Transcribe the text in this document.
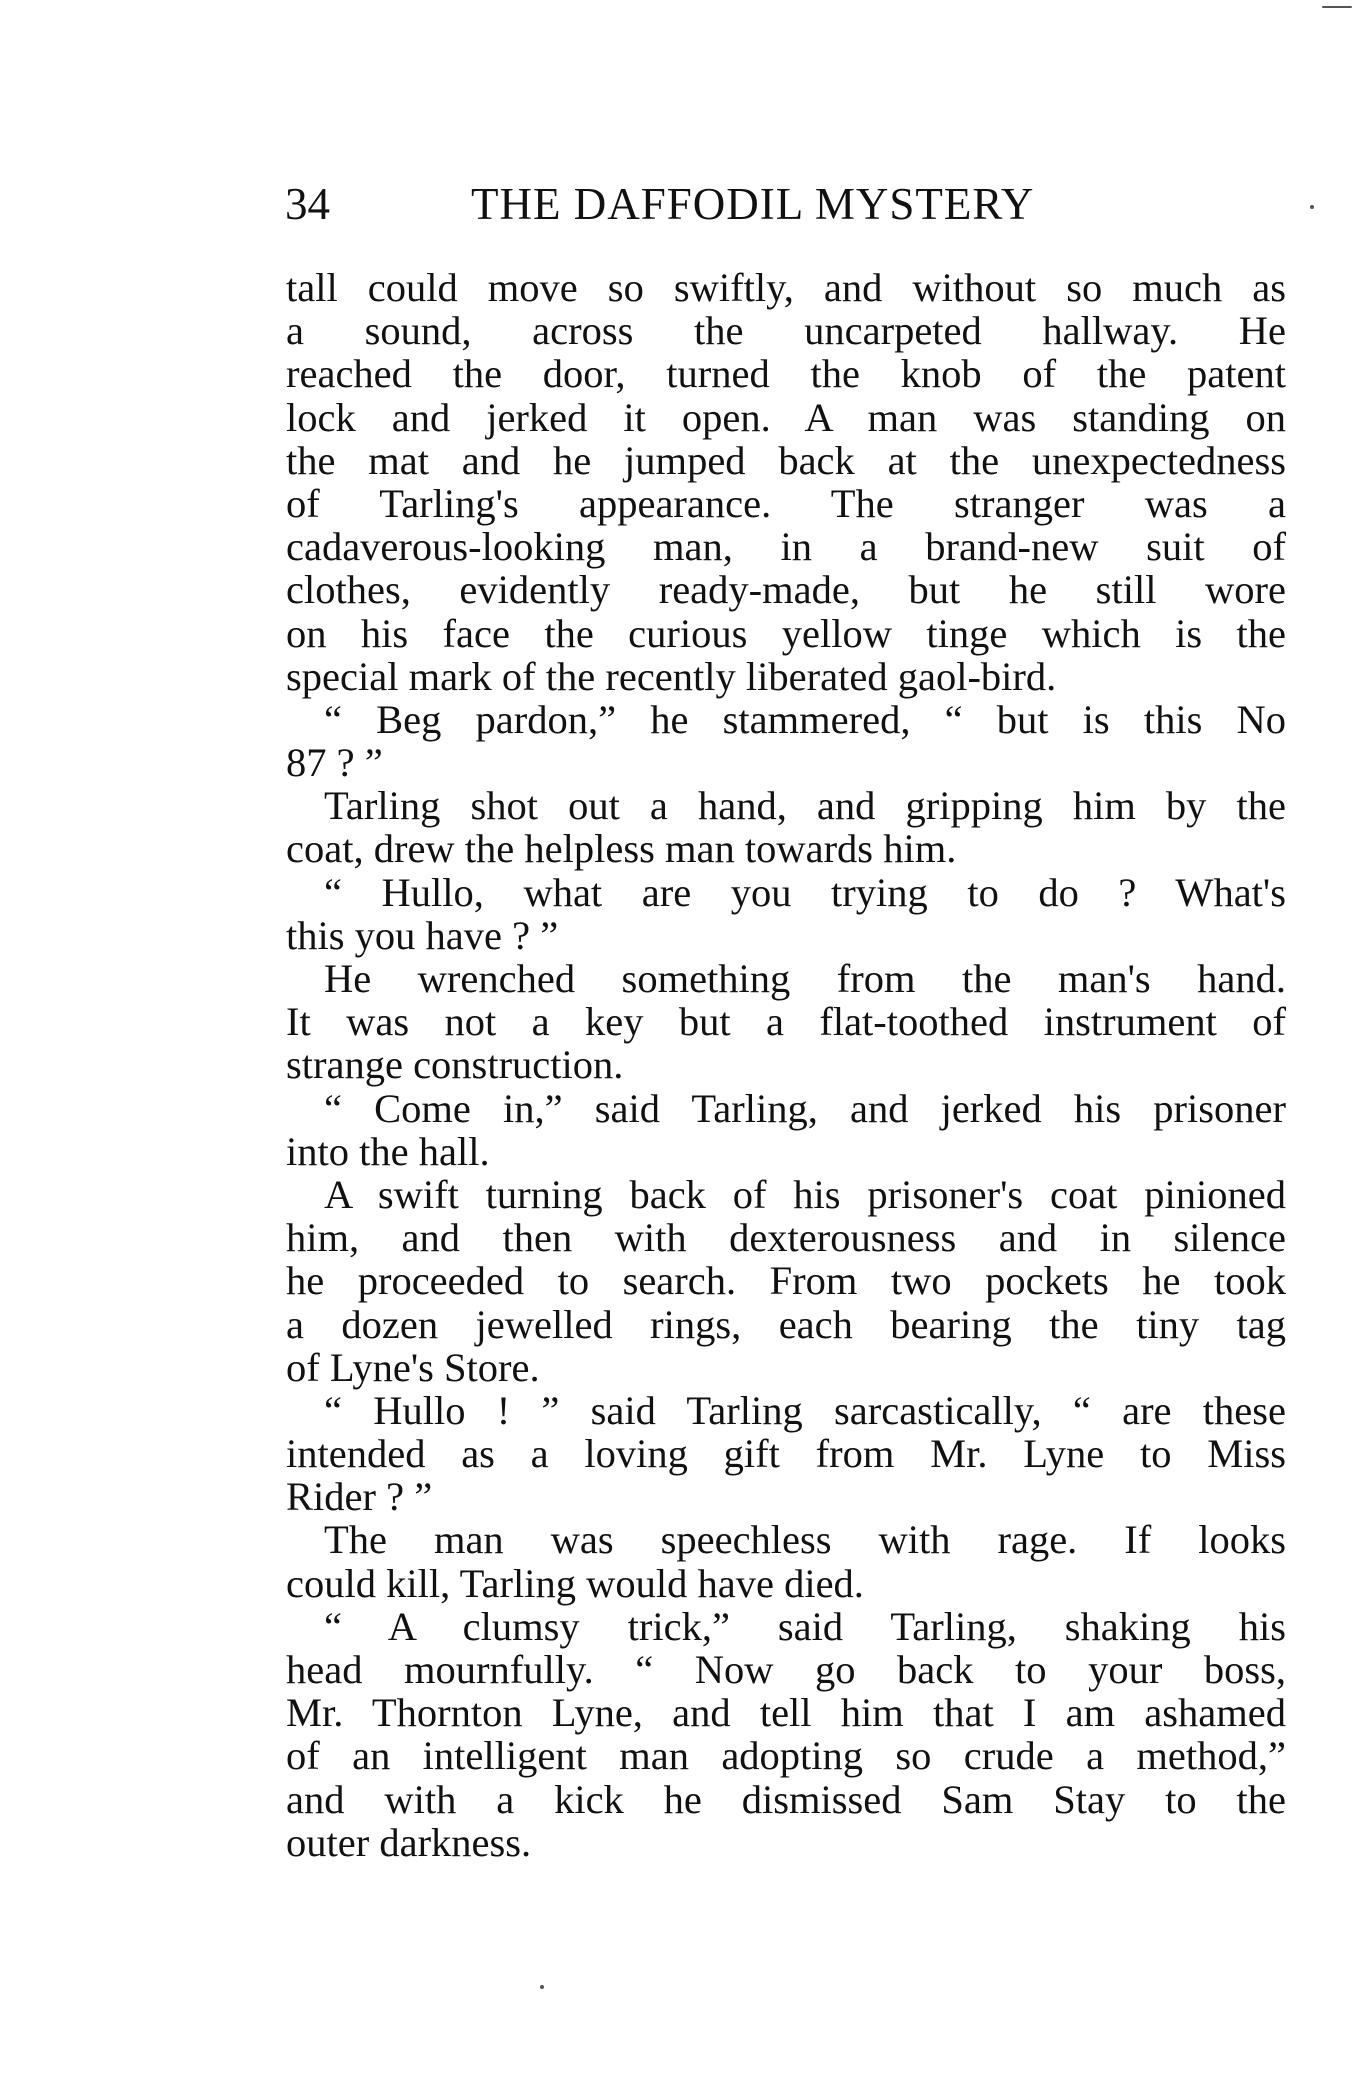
34	THE DAFFODIL MYSTERY
tall could move so swiftly, and without so much as
a sound, across the uncarpeted hallway. He
reached the door, turned the knob of the patent
lock and jerked it open. A man was standing on
the mat and he jumped back at the unexpectedness
of Tarling's appearance. The stranger was a
cadaverous-looking man, in a brand-new suit of
clothes, evidently ready-made, but he still wore
on his face the curious yellow tinge which is the
special mark of the recently liberated gaol-bird.
“ Beg pardon,” he stammered, “ but is this No
87 ? ”
Tarling shot out a hand, and gripping him by the
coat, drew the helpless man towards him.
“ Hullo, what are you trying to do ? What's
this you have ? ”
He wrenched something from the man's hand.
It was not a key but a flat-toothed instrument of
strange construction.
“ Come in,” said Tarling, and jerked his prisoner
into the hall.
A swift turning back of his prisoner's coat pinioned
him, and then with dexterousness and in silence
he proceeded to search. From two pockets he took
a dozen jewelled rings, each bearing the tiny tag
of Lyne's Store.
“ Hullo ! ” said Tarling sarcastically, “ are these
intended as a loving gift from Mr. Lyne to Miss
Rider ? ”
The man was speechless with rage. If looks
could kill, Tarling would have died.
“ A clumsy trick,” said Tarling, shaking his
head mournfully. “ Now go back to your boss,
Mr. Thornton Lyne, and tell him that I am ashamed
of an intelligent man adopting so crude a method,”
and with a kick he dismissed Sam Stay to the
outer darkness.
